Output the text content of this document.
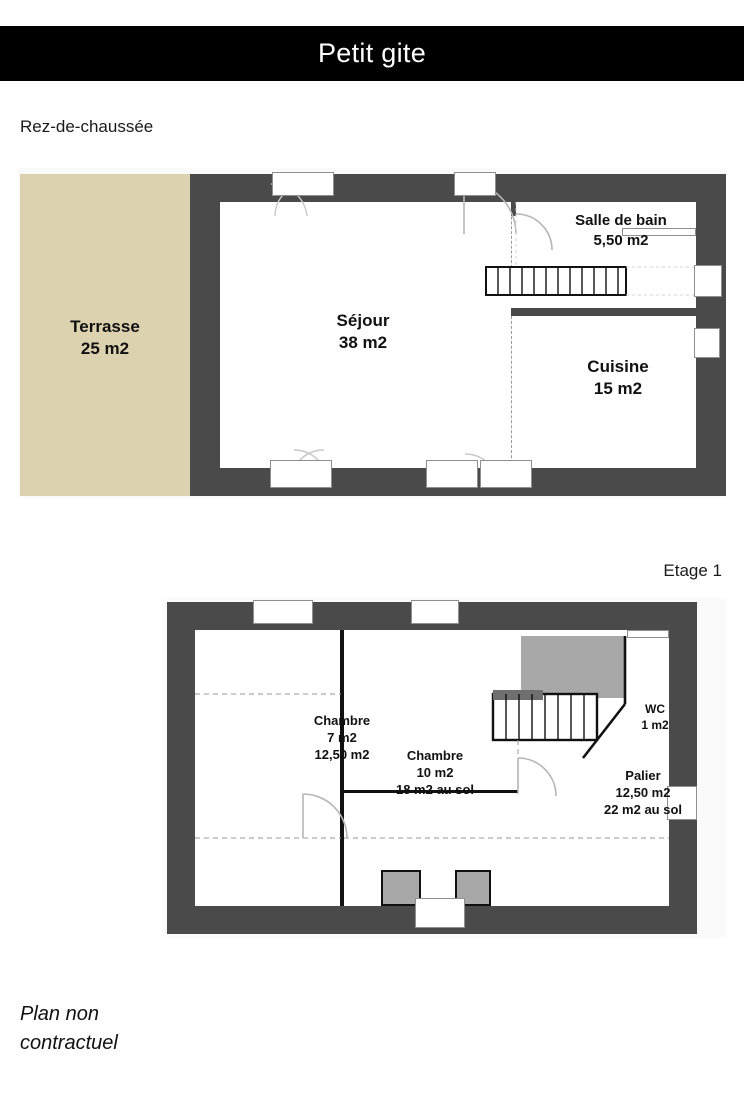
Petit gite
Rez-de-chaussée
Terrasse
25 m2
Séjour
38 m2
Salle de bain
5,50 m2
Cuisine
15 m2
Etage 1
Chambre
10 m2
18 m2 au sol
Chambre
7 m2
12,50 m2
WC
1 m2
Palier
12,50 m2
22 m2 au sol
Plan non
contractuel
